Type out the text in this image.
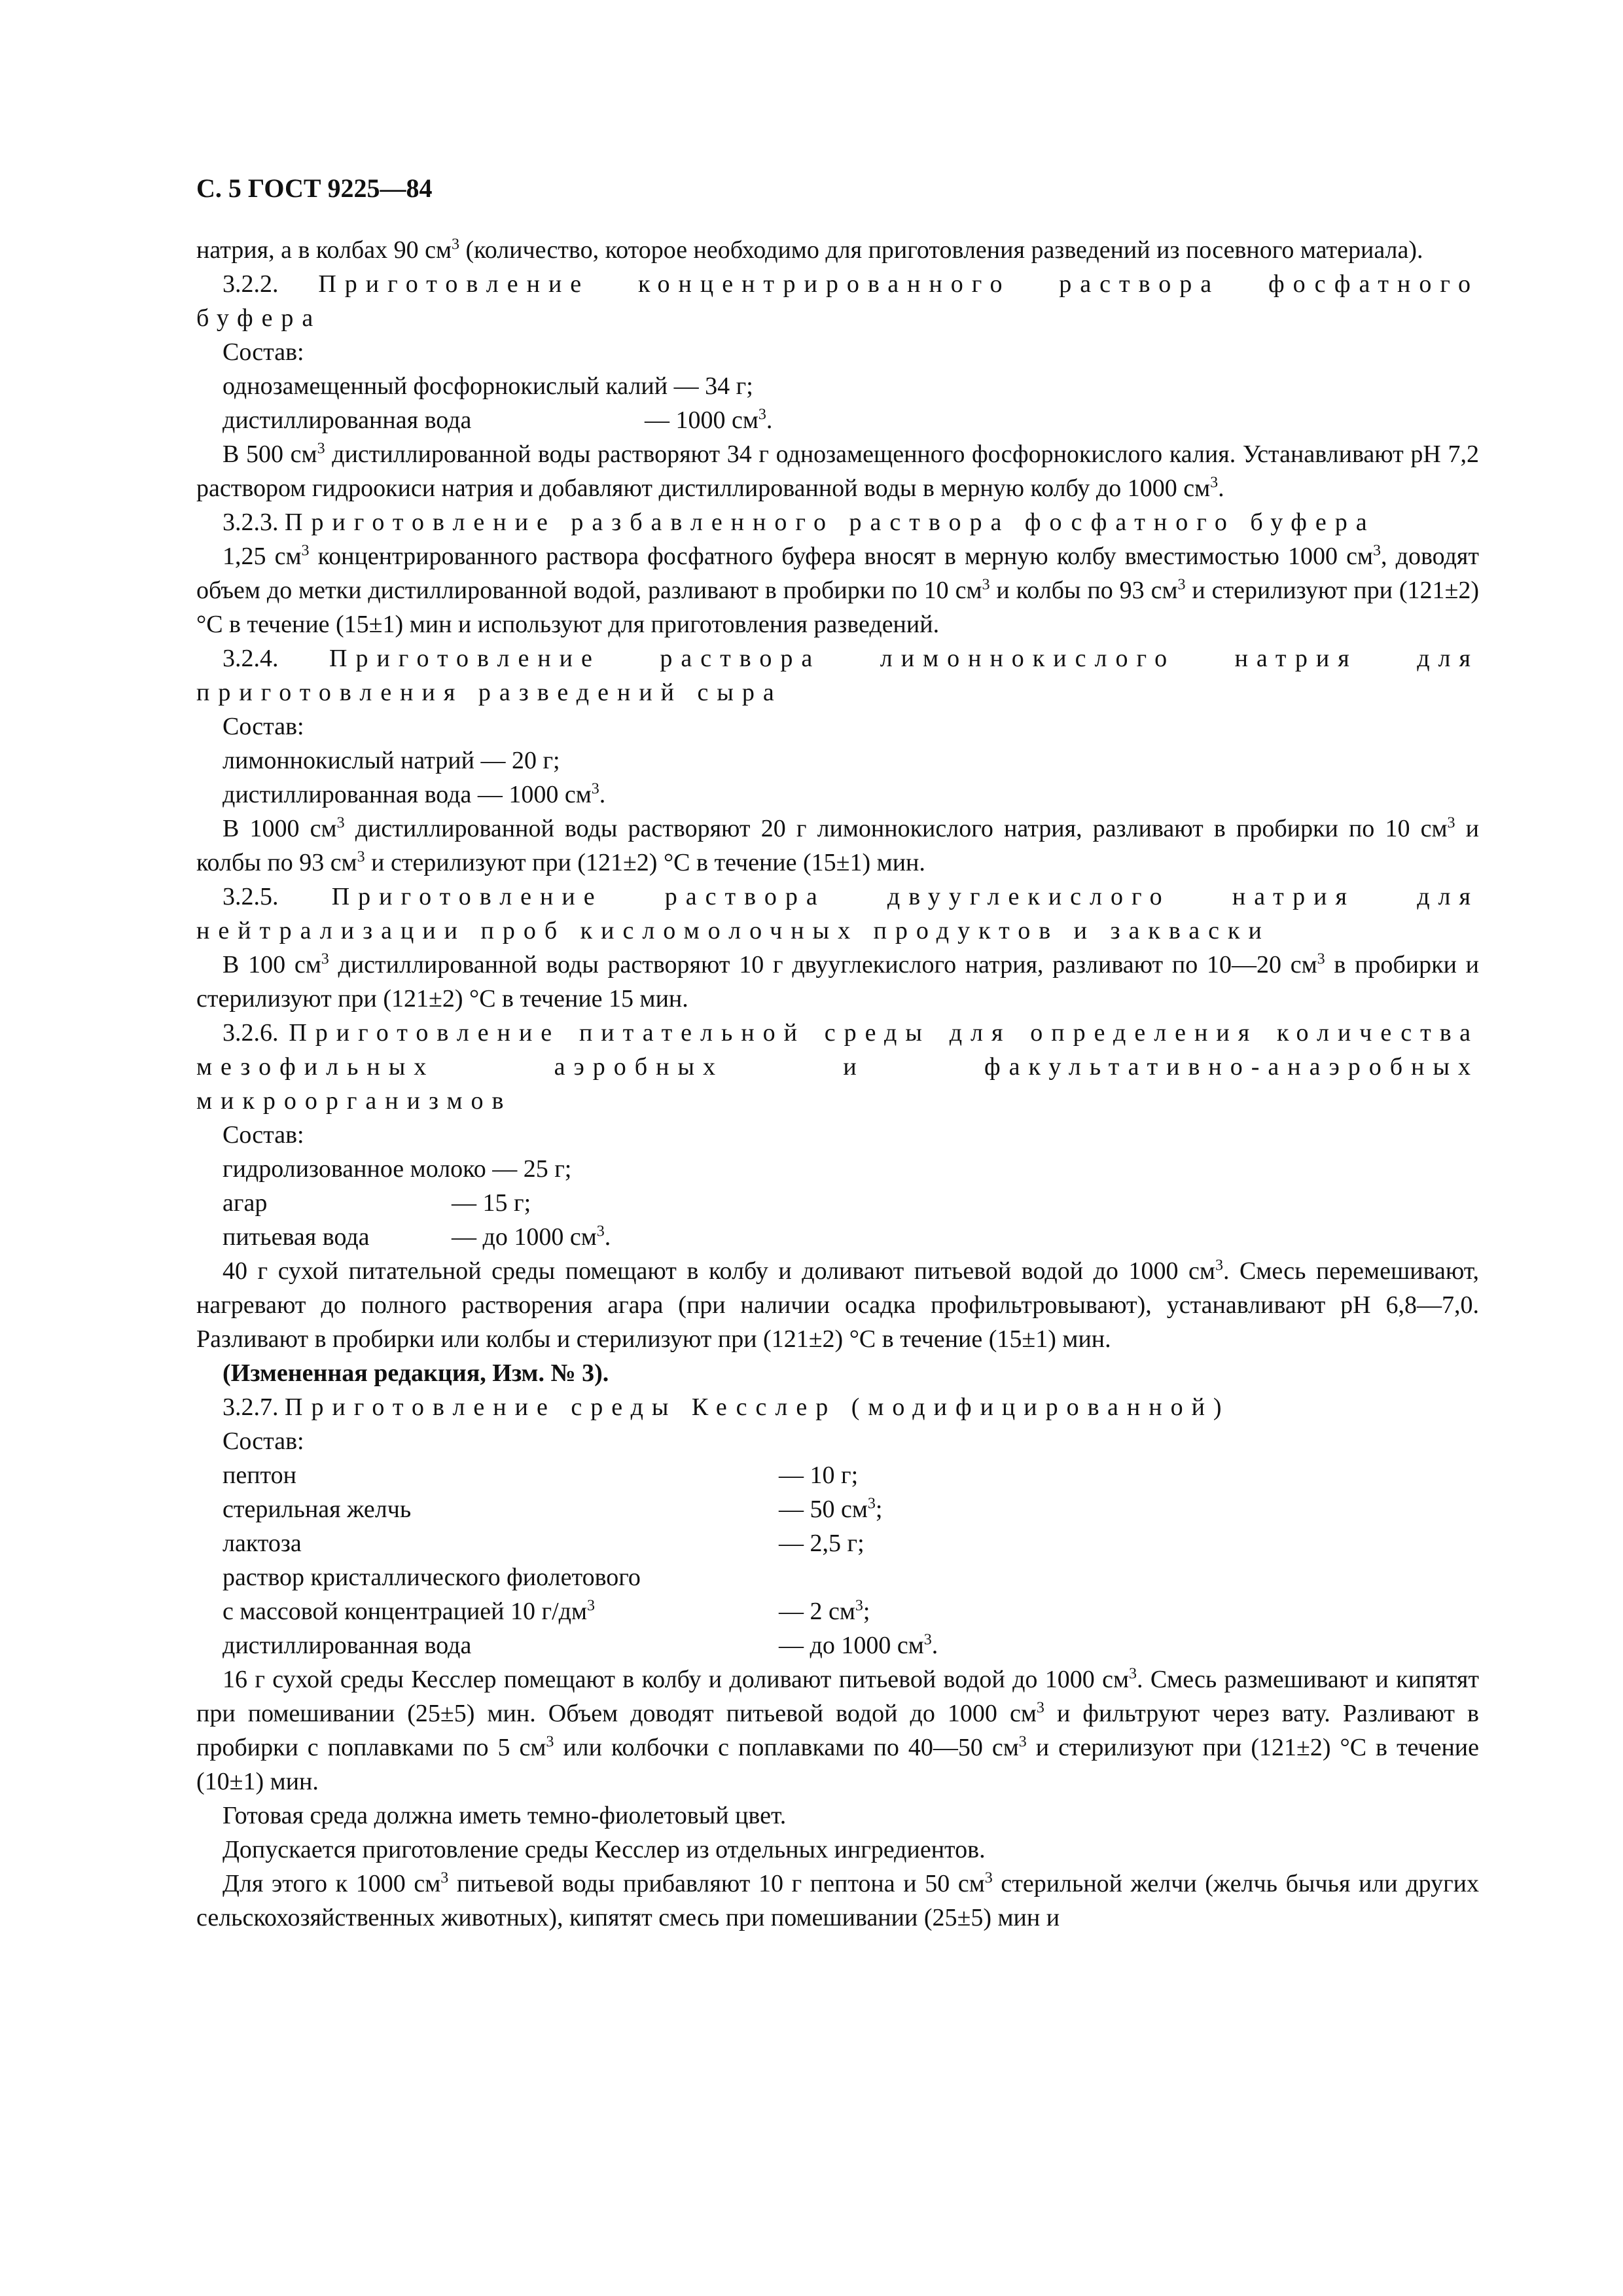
С. 5 ГОСТ 9225—84

натрия, а в колбах 90 $см^3$ (количество, которое необходимо для приготовления разведений из посевного материала).

3.2.2. Приготовление концентрированного раствора фосфатного буфера

Состав:

однозамещенный фосфорнокислый калий — 34 г;

дистиллированная вода	— 1000 $см^3$.

В 500 $см^3$ дистиллированной воды растворяют 34 г однозамещенного фосфорнокислого калия. Устанавливают рН 7,2 раствором гидроокиси натрия и добавляют дистиллированной воды в мерную колбу до 1000 $см^3$.

3.2.3. Приготовление разбавленного раствора фосфатного буфера

1,25 $см^3$ концентрированного раствора фосфатного буфера вносят в мерную колбу вместимостью 1000 $см^3$, доводят объем до метки дистиллированной водой, разливают в пробирки по 10 $см^3$ и колбы по 93 $см^3$ и стерилизуют при (121±2) °С в течение (15±1) мин и используют для приготовления разведений.

3.2.4. Приготовление раствора лимоннокислого натрия для приготовления разведений сыра

Состав:

лимоннокислый натрий — 20 г;

дистиллированная вода — 1000 $см^3$.

В 1000 $см^3$ дистиллированной воды растворяют 20 г лимоннокислого натрия, разливают в пробирки по 10 $см^3$ и колбы по 93 $см^3$ и стерилизуют при (121±2) °С в течение (15±1) мин.

3.2.5. Приготовление раствора двууглекислого натрия для нейтрализации проб кисломолочных продуктов и закваски

В 100 $см^3$ дистиллированной воды растворяют 10 г двууглекислого натрия, разливают по 10—20 $см^3$ в пробирки и стерилизуют при (121±2) °С в течение 15 мин.

3.2.6. Приготовление питательной среды для определения количества мезофильных аэробных и факультативно-анаэробных микроорганизмов

Состав:

гидролизованное молоко — 25 г;

агар	— 15 г;

питьевая вода	— до 1000 $см^3$.

40 г сухой питательной среды помещают в колбу и доливают питьевой водой до 1000 $см^3$. Смесь перемешивают, нагревают до полного растворения агара (при наличии осадка профильтровывают), устанавливают рН 6,8—7,0. Разливают в пробирки или колбы и стерилизуют при (121±2) °С в течение (15±1) мин.

(Измененная редакция, Изм. № 3).

3.2.7. Приготовление среды Кесслер (модифицированной)

Состав:

пептон	— 10 г;

стерильная желчь	— 50 $см^3$;

лактоза	— 2,5 г;

раствор кристаллического фиолетового

с массовой концентрацией 10 $г/дм^3$	— 2 $см^3$;

дистиллированная вода	— до 1000 $см^3$.

16 г сухой среды Кесслер помещают в колбу и доливают питьевой водой до 1000 $см^3$. Смесь размешивают и кипятят при помешивании (25±5) мин. Объем доводят питьевой водой до 1000 $см^3$ и фильтруют через вату. Разливают в пробирки с поплавками по 5 $см^3$ или колбочки с поплавками по 40—50 $см^3$ и стерилизуют при (121±2) °С в течение (10±1) мин.

Готовая среда должна иметь темно-фиолетовый цвет.

Допускается приготовление среды Кесслер из отдельных ингредиентов.

Для этого к 1000 $см^3$ питьевой воды прибавляют 10 г пептона и 50 $см^3$ стерильной желчи (желчь бычья или других сельскохозяйственных животных), кипятят смесь при помешивании (25±5) мин и
